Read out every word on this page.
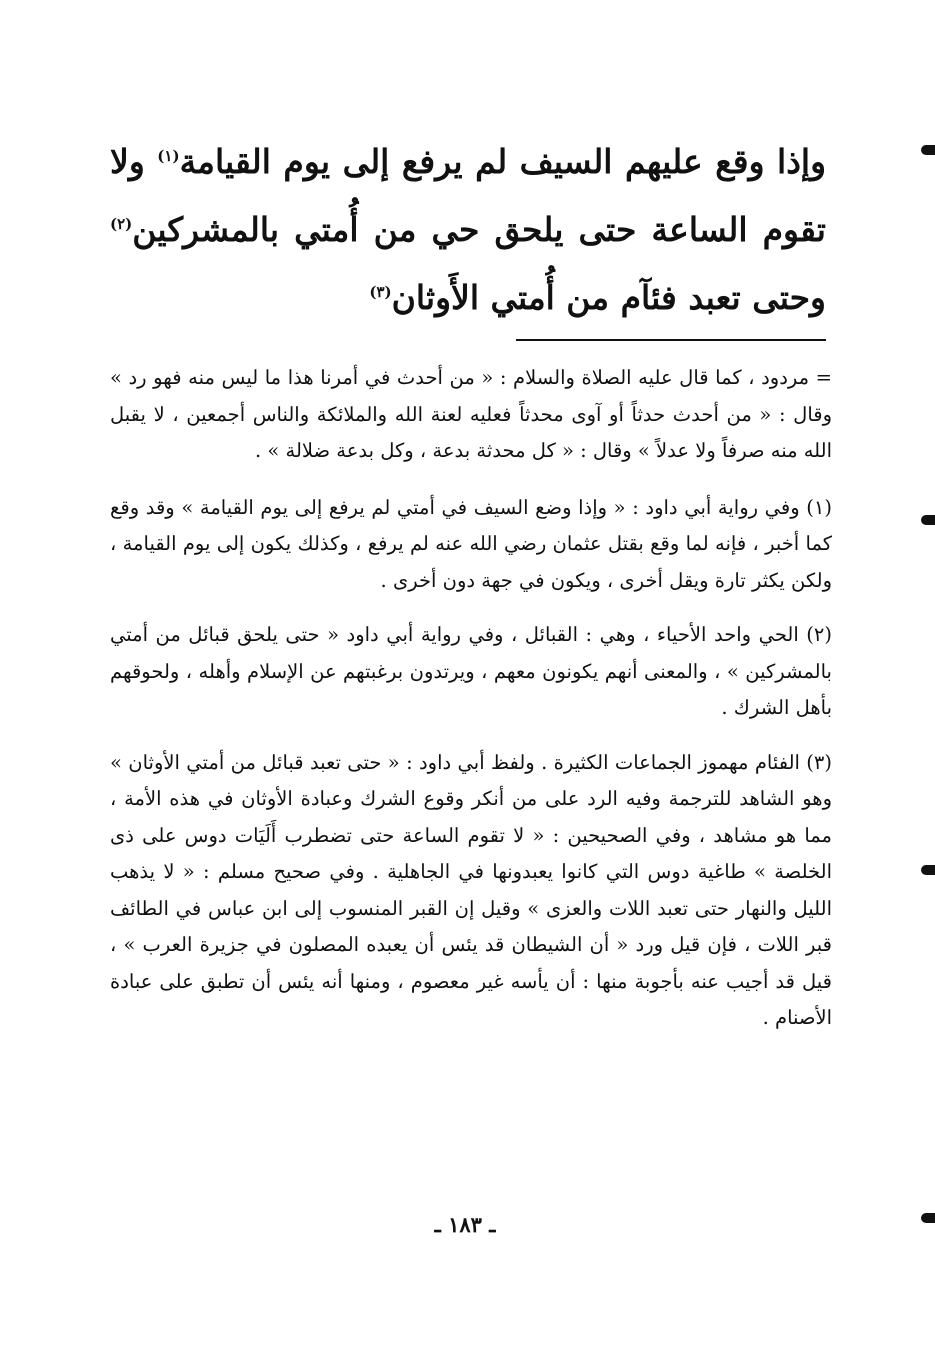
وإذا وقع عليهم السيف لم يرفع إلى يوم القيامة$^{(١)}$ ولا تقوم الساعة حتى يلحق حي من أُمتي بالمشركين$^{(٢)}$ وحتى تعبد فئآم من أُمتي الأَوثان$^{(٣)}$

= مردود ، كما قال عليه الصلاة والسلام : « من أحدث في أمرنا هذا ما ليس منه فهو رد » وقال : « من أحدث حدثاً أو آوى محدثاً فعليه لعنة الله والملائكة والناس أجمعين ، لا يقبل الله منه صرفاً ولا عدلاً » وقال : « كل محدثة بدعة ، وكل بدعة ضلالة » .

(١) وفي رواية أبي داود : « وإذا وضع السيف في أمتي لم يرفع إلى يوم القيامة » وقد وقع كما أخبر ، فإنه لما وقع بقتل عثمان رضي الله عنه لم يرفع ، وكذلك يكون إلى يوم القيامة ، ولكن يكثر تارة ويقل أخرى ، ويكون في جهة دون أخرى .

(٢) الحي واحد الأحياء ، وهي : القبائل ، وفي رواية أبي داود « حتى يلحق قبائل من أمتي بالمشركين » ، والمعنى أنهم يكونون معهم ، ويرتدون برغبتهم عن الإسلام وأهله ، ولحوقهم بأهل الشرك .

(٣) الفئام مهموز الجماعات الكثيرة . ولفظ أبي داود : « حتى تعبد قبائل من أمتي الأوثان » وهو الشاهد للترجمة وفيه الرد على من أنكر وقوع الشرك وعبادة الأوثان في هذه الأمة ، مما هو مشاهد ، وفي الصحيحين : « لا تقوم الساعة حتى تضطرب أَلَيَات دوس على ذى الخلصة » طاغية دوس التي كانوا يعبدونها في الجاهلية . وفي صحيح مسلم : « لا يذهب الليل والنهار حتى تعبد اللات والعزى » وقيل إن القبر المنسوب إلى ابن عباس في الطائف قبر اللات ، فإن قيل ورد « أن الشيطان قد يئس أن يعبده المصلون في جزيرة العرب » ، قيل قد أجيب عنه بأجوبة منها : أن يأسه غير معصوم ، ومنها أنه يئس أن تطبق على عبادة الأصنام .

ـ ١٨٣ ـ
